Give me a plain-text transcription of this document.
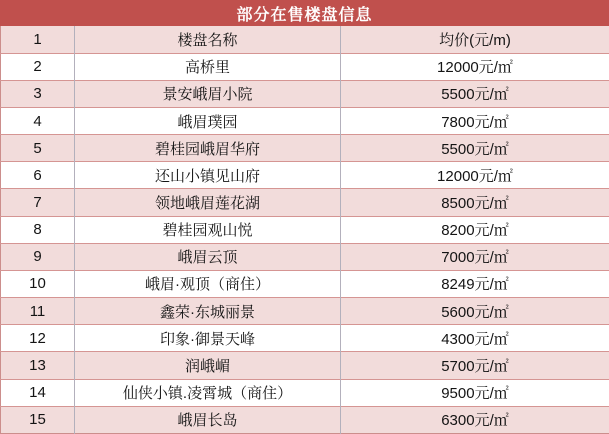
部分在售楼盘信息
1	楼盘名称	均价(元/m)
2	高桥里	12000元/㎡
3	景安峨眉小院	5500元/㎡
4	峨眉璞园	7800元/㎡
5	碧桂园峨眉华府	5500元/㎡
6	还山小镇见山府	12000元/㎡
7	领地峨眉莲花湖	8500元/㎡
8	碧桂园观山悦	8200元/㎡
9	峨眉云顶	7000元/㎡
10	峨眉·观顶（商住）	8249元/㎡
11	鑫荣·东城丽景	5600元/㎡
12	印象·御景天峰	4300元/㎡
13	润峨嵋	5700元/㎡
14	仙侠小镇.凌霄城（商住）	9500元/㎡
15	峨眉长岛	6300元/㎡
